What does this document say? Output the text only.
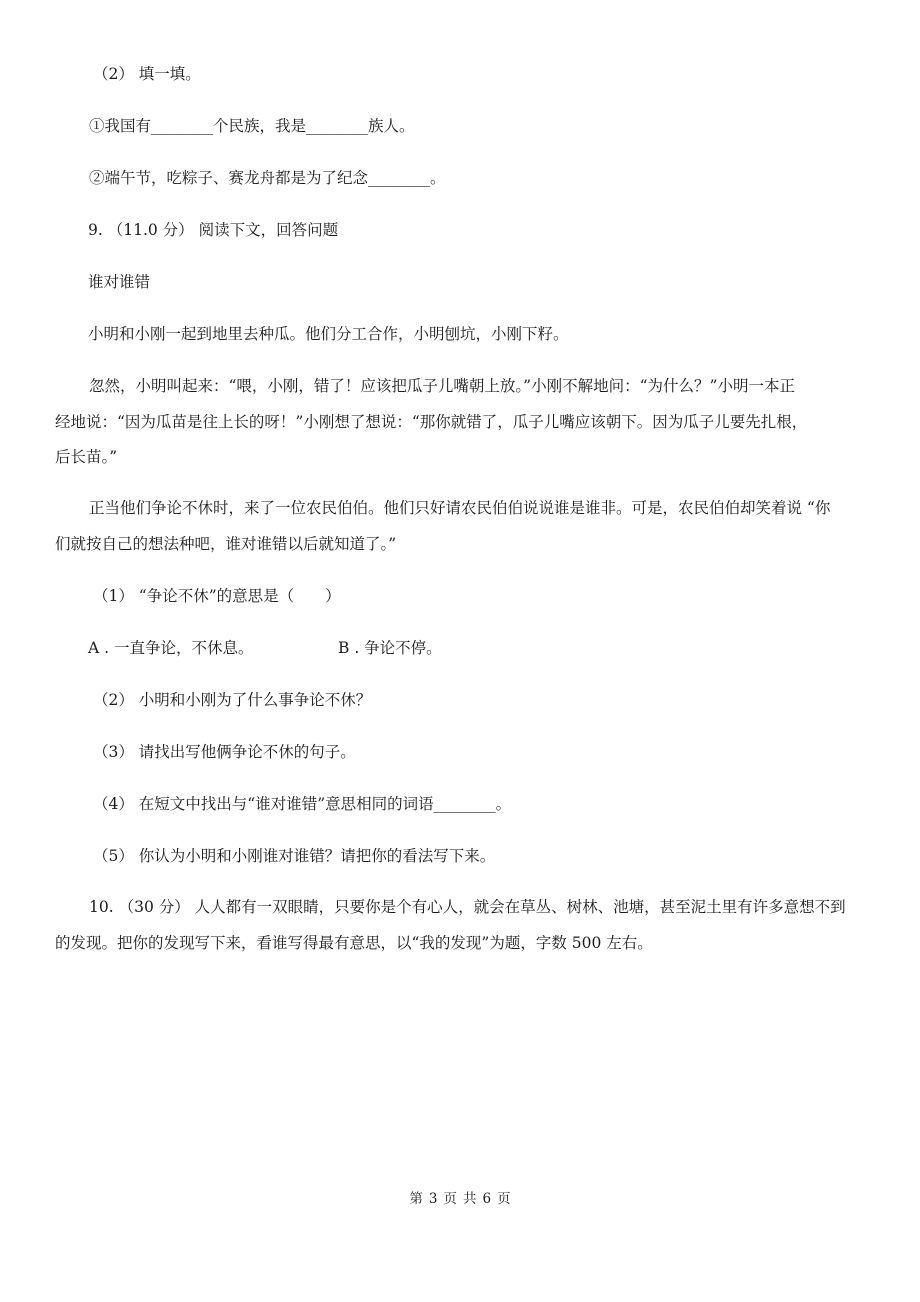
（2） 填一填。
①我国有________个民族，我是________族人。
②端午节，吃粽子、赛龙舟都是为了纪念________。
9. （11.0 分） 阅读下文，回答问题
谁对谁错
小明和小刚一起到地里去种瓜。他们分工合作，小明刨坑，小刚下籽。
忽然，小明叫起来：“喂，小刚，错了！应该把瓜子儿嘴朝上放。”小刚不解地问：“为什么？”小明一本正
经地说：“因为瓜苗是往上长的呀！”小刚想了想说：“那你就错了，瓜子儿嘴应该朝下。因为瓜子儿要先扎根，
后长苗。”
正当他们争论不休时，来了一位农民伯伯。他们只好请农民伯伯说说谁是谁非。可是，农民伯伯却笑着说 “你
们就按自己的想法种吧，谁对谁错以后就知道了。”
（1） “争论不休”的意思是（　　）
A . 一直争论，不休息。	B . 争论不停。
（2） 小明和小刚为了什么事争论不休？
（3） 请找出写他俩争论不休的句子。
（4） 在短文中找出与“谁对谁错”意思相同的词语________。
（5） 你认为小明和小刚谁对谁错？请把你的看法写下来。
10. （30 分） 人人都有一双眼睛，只要你是个有心人，就会在草丛、树林、池塘，甚至泥土里有许多意想不到
的发现。把你的发现写下来，看谁写得最有意思，以“我的发现”为题，字数 500 左右。
第 3 页 共 6 页
